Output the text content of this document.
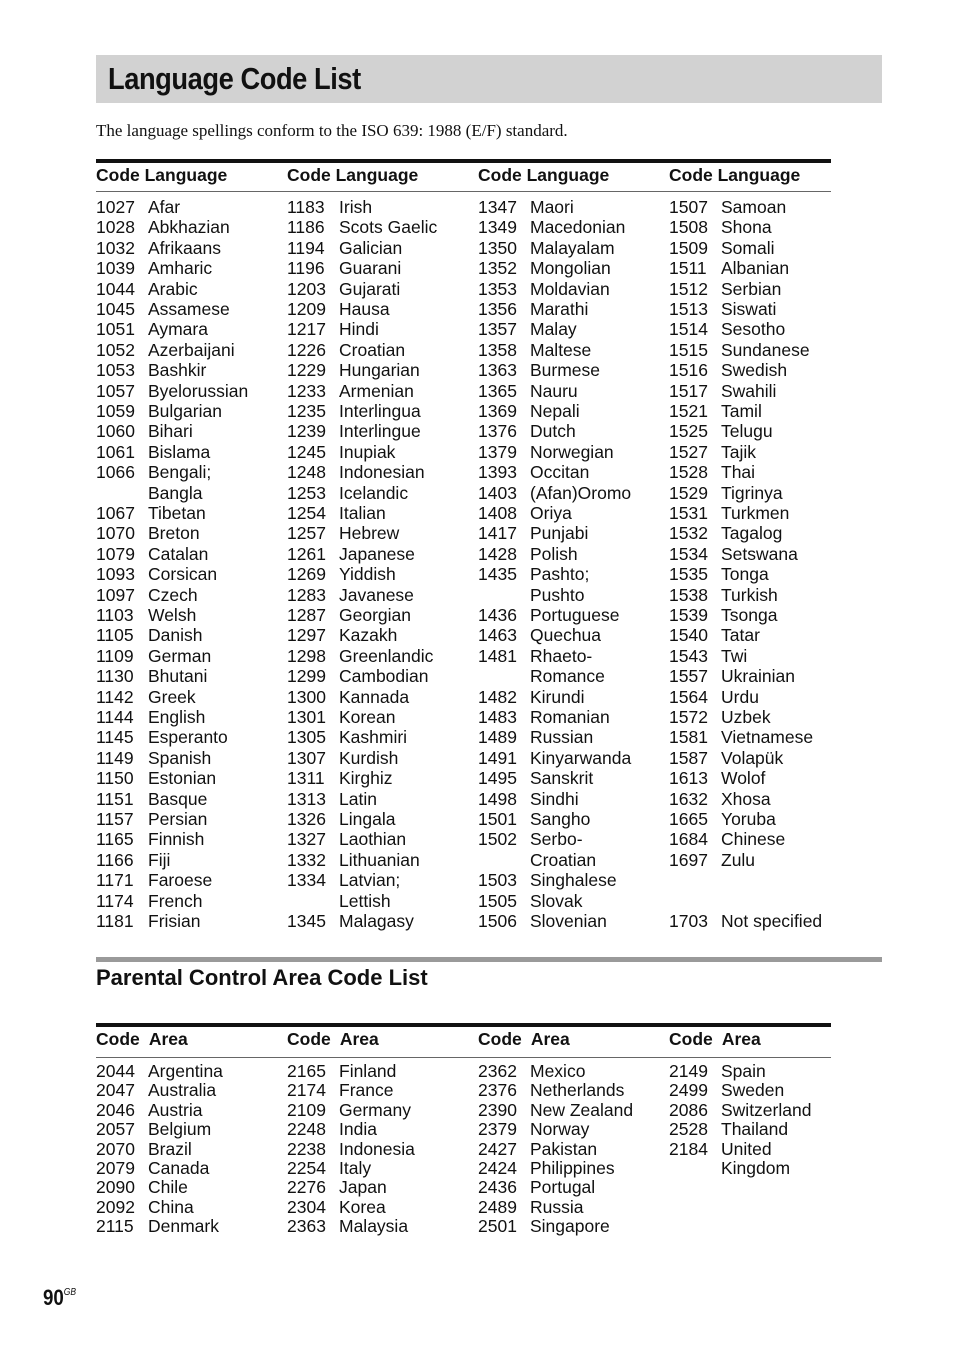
Language Code List
The language spellings conform to the ISO 639: 1988 (E/F) standard.
Code Language
1027 Afar
1028 Abkhazian
1032 Afrikaans
1039 Amharic
1044 Arabic
1045 Assamese
1051 Aymara
1052 Azerbaijani
1053 Bashkir
1057 Byelorussian
1059 Bulgarian
1060 Bihari
1061 Bislama
1066 Bengali;
Bangla
1067 Tibetan
1070 Breton
1079 Catalan
1093 Corsican
1097 Czech
1103 Welsh
1105 Danish
1109 German
1130 Bhutani
1142 Greek
1144 English
1145 Esperanto
1149 Spanish
1150 Estonian
1151 Basque
1157 Persian
1165 Finnish
1166 Fiji
1171 Faroese
1174 French
1181 Frisian
Code Language
1183 Irish
1186 Scots Gaelic
1194 Galician
1196 Guarani
1203 Gujarati
1209 Hausa
1217 Hindi
1226 Croatian
1229 Hungarian
1233 Armenian
1235 Interlingua
1239 Interlingue
1245 Inupiak
1248 Indonesian
1253 Icelandic
1254 Italian
1257 Hebrew
1261 Japanese
1269 Yiddish
1283 Javanese
1287 Georgian
1297 Kazakh
1298 Greenlandic
1299 Cambodian
1300 Kannada
1301 Korean
1305 Kashmiri
1307 Kurdish
1311 Kirghiz
1313 Latin
1326 Lingala
1327 Laothian
1332 Lithuanian
1334 Latvian;
Lettish
1345 Malagasy
Code Language
1347 Maori
1349 Macedonian
1350 Malayalam
1352 Mongolian
1353 Moldavian
1356 Marathi
1357 Malay
1358 Maltese
1363 Burmese
1365 Nauru
1369 Nepali
1376 Dutch
1379 Norwegian
1393 Occitan
1403 (Afan)Oromo
1408 Oriya
1417 Punjabi
1428 Polish
1435 Pashto;
Pushto
1436 Portuguese
1463 Quechua
1481 Rhaeto-
Romance
1482 Kirundi
1483 Romanian
1489 Russian
1491 Kinyarwanda
1495 Sanskrit
1498 Sindhi
1501 Sangho
1502 Serbo-
Croatian
1503 Singhalese
1505 Slovak
1506 Slovenian
Code Language
1507 Samoan
1508 Shona
1509 Somali
1511 Albanian
1512 Serbian
1513 Siswati
1514 Sesotho
1515 Sundanese
1516 Swedish
1517 Swahili
1521 Tamil
1525 Telugu
1527 Tajik
1528 Thai
1529 Tigrinya
1531 Turkmen
1532 Tagalog
1534 Setswana
1535 Tonga
1538 Turkish
1539 Tsonga
1540 Tatar
1543 Twi
1557 Ukrainian
1564 Urdu
1572 Uzbek
1581 Vietnamese
1587 Volapük
1613 Wolof
1632 Xhosa
1665 Yoruba
1684 Chinese
1697 Zulu
1703 Not specified
Parental Control Area Code List
Code  Area
2044 Argentina
2047 Australia
2046 Austria
2057 Belgium
2070 Brazil
2079 Canada
2090 Chile
2092 China
2115 Denmark
Code  Area
2165 Finland
2174 France
2109 Germany
2248 India
2238 Indonesia
2254 Italy
2276 Japan
2304 Korea
2363 Malaysia
Code  Area
2362 Mexico
2376 Netherlands
2390 New Zealand
2379 Norway
2427 Pakistan
2424 Philippines
2436 Portugal
2489 Russia
2501 Singapore
Code  Area
2149 Spain
2499 Sweden
2086 Switzerland
2528 Thailand
2184 United
Kingdom
$90^{GB}$
